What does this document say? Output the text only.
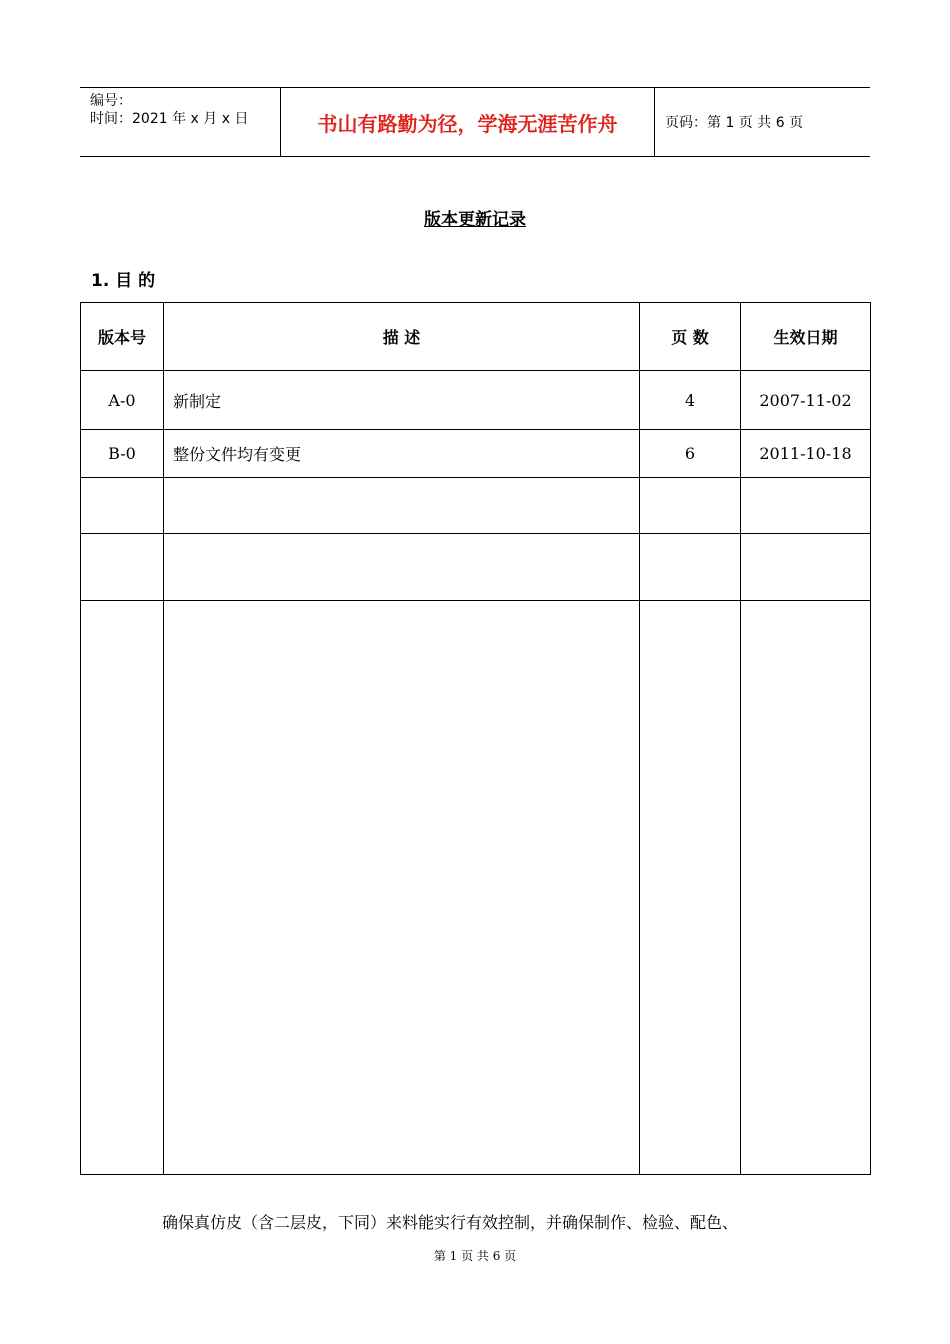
编号：
时间：2021 年 x 月 x 日	书山有路勤为径，学海无涯苦作舟	页码：第 1 页 共 6 页
版本更新记录
1. 目 的
版本号	描 述	页 数	生效日期
A-0	新制定	4	2007-11-02
B-0	整份文件均有变更	6	2011-10-18

确保真仿皮（含二层皮，下同）来料能实行有效控制，并确保制作、检验、配色、
第 1 页 共 6 页
